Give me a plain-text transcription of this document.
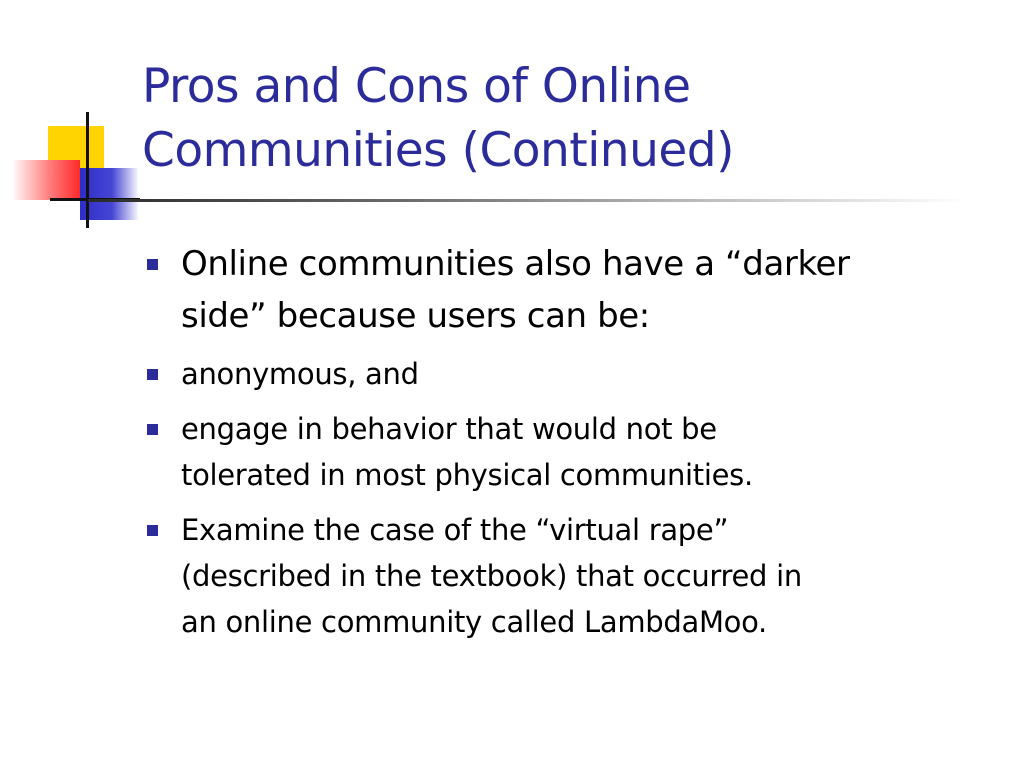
Pros and Cons of Online
Communities (Continued)
Online communities also have a “darker
side” because users can be:
anonymous, and
engage in behavior that would not be
tolerated in most physical communities.
Examine the case of the “virtual rape”
(described in the textbook) that occurred in
an online community called LambdaMoo.
